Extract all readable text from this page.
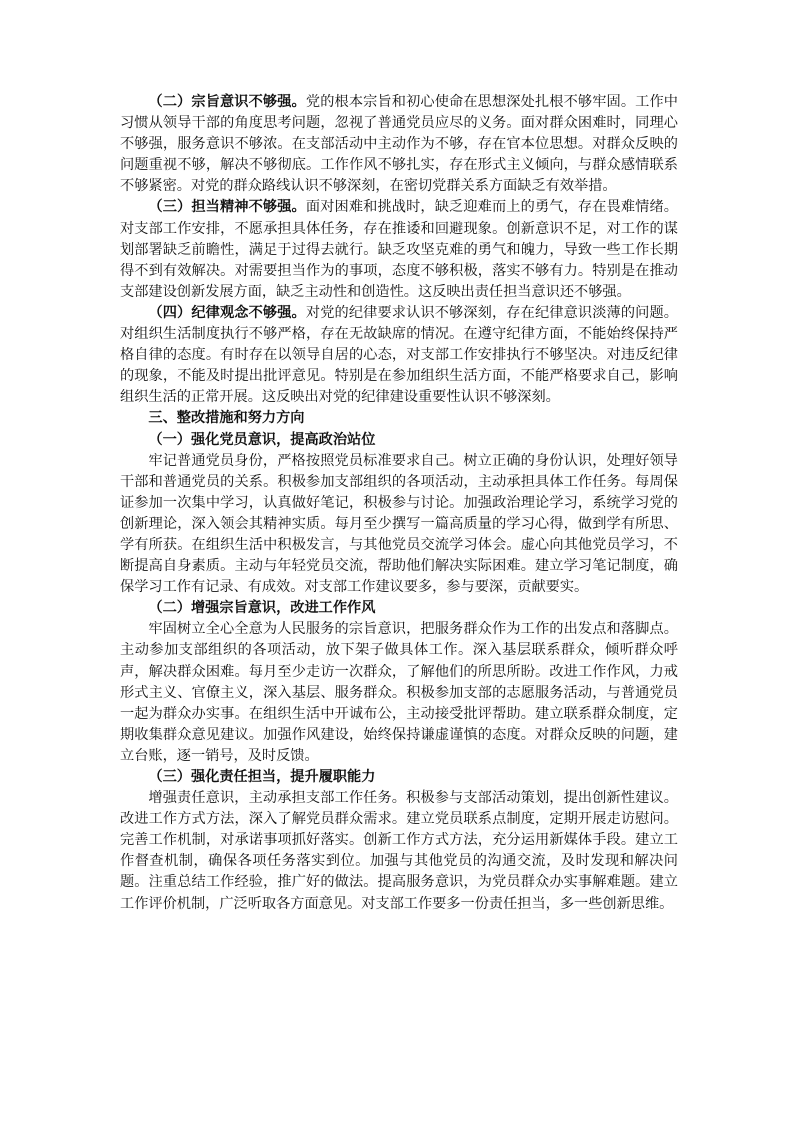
（二）宗旨意识不够强。党的根本宗旨和初心使命在思想深处扎根不够牢固。工作中习惯从领导干部的角度思考问题，忽视了普通党员应尽的义务。面对群众困难时，同理心不够强，服务意识不够浓。在支部活动中主动作为不够，存在官本位思想。对群众反映的问题重视不够，解决不够彻底。工作作风不够扎实，存在形式主义倾向，与群众感情联系不够紧密。对党的群众路线认识不够深刻，在密切党群关系方面缺乏有效举措。

（三）担当精神不够强。面对困难和挑战时，缺乏迎难而上的勇气，存在畏难情绪。对支部工作安排，不愿承担具体任务，存在推诿和回避现象。创新意识不足，对工作的谋划部署缺乏前瞻性，满足于过得去就行。缺乏攻坚克难的勇气和魄力，导致一些工作长期得不到有效解决。对需要担当作为的事项，态度不够积极，落实不够有力。特别是在推动支部建设创新发展方面，缺乏主动性和创造性。这反映出责任担当意识还不够强。

（四）纪律观念不够强。对党的纪律要求认识不够深刻，存在纪律意识淡薄的问题。对组织生活制度执行不够严格，存在无故缺席的情况。在遵守纪律方面，不能始终保持严格自律的态度。有时存在以领导自居的心态，对支部工作安排执行不够坚决。对违反纪律的现象，不能及时提出批评意见。特别是在参加组织生活方面，不能严格要求自己，影响组织生活的正常开展。这反映出对党的纪律建设重要性认识不够深刻。

三、整改措施和努力方向

（一）强化党员意识，提高政治站位

牢记普通党员身份，严格按照党员标准要求自己。树立正确的身份认识，处理好领导干部和普通党员的关系。积极参加支部组织的各项活动，主动承担具体工作任务。每周保证参加一次集中学习，认真做好笔记，积极参与讨论。加强政治理论学习，系统学习党的创新理论，深入领会其精神实质。每月至少撰写一篇高质量的学习心得，做到学有所思、学有所获。在组织生活中积极发言，与其他党员交流学习体会。虚心向其他党员学习，不断提高自身素质。主动与年轻党员交流，帮助他们解决实际困难。建立学习笔记制度，确保学习工作有记录、有成效。对支部工作建议要多，参与要深，贡献要实。

（二）增强宗旨意识，改进工作作风

牢固树立全心全意为人民服务的宗旨意识，把服务群众作为工作的出发点和落脚点。主动参加支部组织的各项活动，放下架子做具体工作。深入基层联系群众，倾听群众呼声，解决群众困难。每月至少走访一次群众，了解他们的所思所盼。改进工作作风，力戒形式主义、官僚主义，深入基层、服务群众。积极参加支部的志愿服务活动，与普通党员一起为群众办实事。在组织生活中开诚布公，主动接受批评帮助。建立联系群众制度，定期收集群众意见建议。加强作风建设，始终保持谦虚谨慎的态度。对群众反映的问题，建立台账，逐一销号，及时反馈。

（三）强化责任担当，提升履职能力

增强责任意识，主动承担支部工作任务。积极参与支部活动策划，提出创新性建议。改进工作方式方法，深入了解党员群众需求。建立党员联系点制度，定期开展走访慰问。完善工作机制，对承诺事项抓好落实。创新工作方式方法，充分运用新媒体手段。建立工作督查机制，确保各项任务落实到位。加强与其他党员的沟通交流，及时发现和解决问题。注重总结工作经验，推广好的做法。提高服务意识，为党员群众办实事解难题。建立工作评价机制，广泛听取各方面意见。对支部工作要多一份责任担当，多一些创新思维。
